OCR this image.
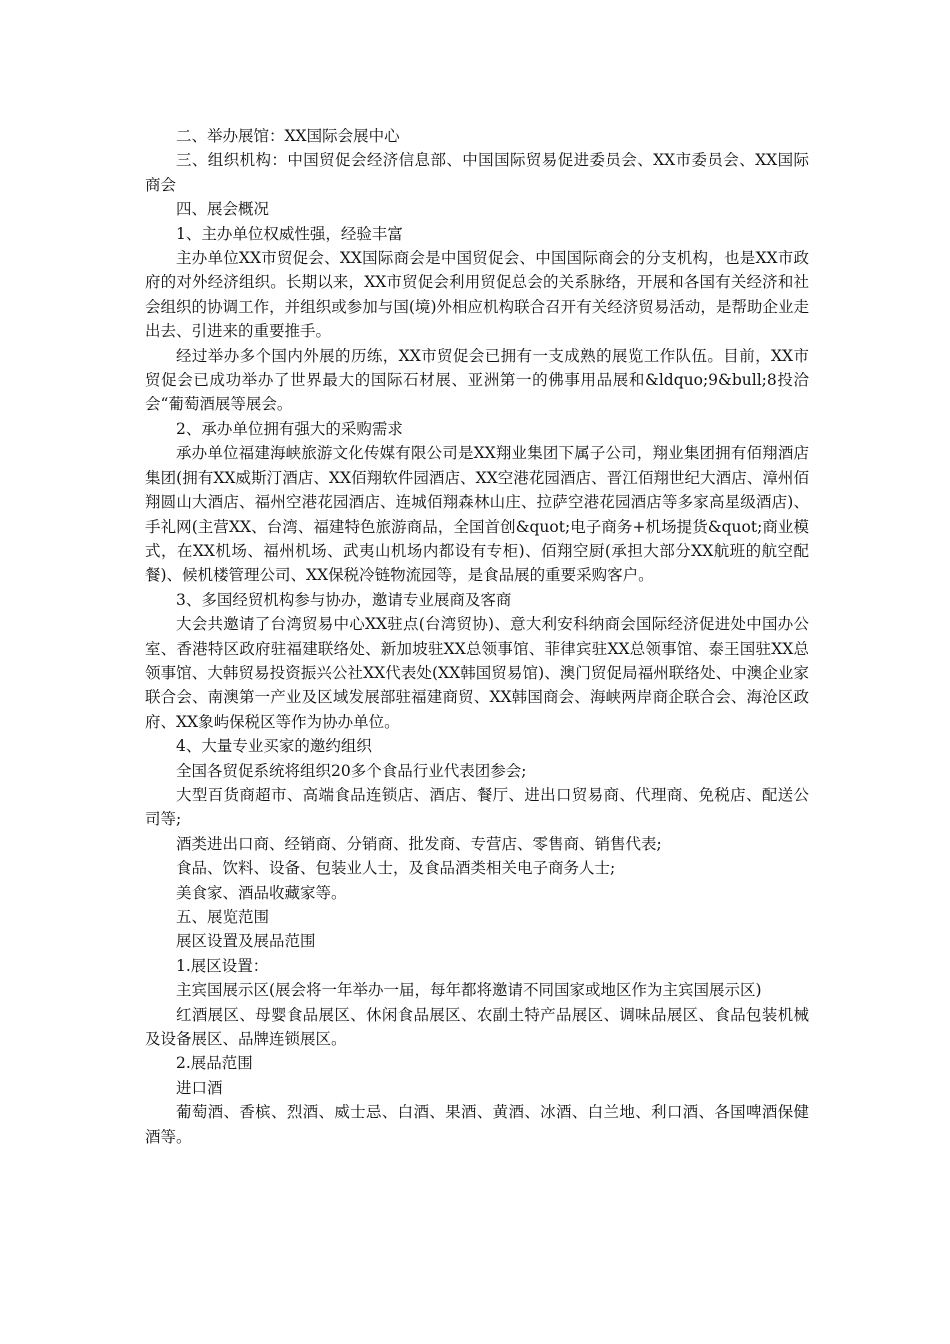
二、举办展馆：XX国际会展中心

三、组织机构：中国贸促会经济信息部、中国国际贸易促进委员会、XX市委员会、XX国际商会

四、展会概况

1、主办单位权威性强，经验丰富

主办单位XX市贸促会、XX国际商会是中国贸促会、中国国际商会的分支机构，也是XX市政府的对外经济组织。长期以来，XX市贸促会利用贸促总会的关系脉络，开展和各国有关经济和社会组织的协调工作，并组织或参加与国(境)外相应机构联合召开有关经济贸易活动，是帮助企业走出去、引进来的重要推手。

经过举办多个国内外展的历练，XX市贸促会已拥有一支成熟的展览工作队伍。目前，XX市贸促会已成功举办了世界最大的国际石材展、亚洲第一的佛事用品展和&ldquo;9&bull;8投洽会“葡萄酒展等展会。

2、承办单位拥有强大的采购需求

承办单位福建海峡旅游文化传媒有限公司是XX翔业集团下属子公司，翔业集团拥有佰翔酒店集团(拥有XX威斯汀酒店、XX佰翔软件园酒店、XX空港花园酒店、晋江佰翔世纪大酒店、漳州佰翔圆山大酒店、福州空港花园酒店、连城佰翔森林山庄、拉萨空港花园酒店等多家高星级酒店)、手礼网(主营XX、台湾、福建特色旅游商品，全国首创&quot;电子商务+机场提货&quot;商业模式，在XX机场、福州机场、武夷山机场内都设有专柜)、佰翔空厨(承担大部分XX航班的航空配餐)、候机楼管理公司、XX保税冷链物流园等，是食品展的重要采购客户。

3、多国经贸机构参与协办，邀请专业展商及客商

大会共邀请了台湾贸易中心XX驻点(台湾贸协)、意大利安科纳商会国际经济促进处中国办公室、香港特区政府驻福建联络处、新加坡驻XX总领事馆、菲律宾驻XX总领事馆、泰王国驻XX总领事馆、大韩贸易投资振兴公社XX代表处(XX韩国贸易馆)、澳门贸促局福州联络处、中澳企业家联合会、南澳第一产业及区域发展部驻福建商贸、XX韩国商会、海峡两岸商企联合会、海沧区政府、XX象屿保税区等作为协办单位。

4、大量专业买家的邀约组织

全国各贸促系统将组织20多个食品行业代表团参会;

大型百货商超市、高端食品连锁店、酒店、餐厅、进出口贸易商、代理商、免税店、配送公司等;

酒类进出口商、经销商、分销商、批发商、专营店、零售商、销售代表;

食品、饮料、设备、包装业人士，及食品酒类相关电子商务人士;

美食家、酒品收藏家等。

五、展览范围

展区设置及展品范围

1.展区设置：

主宾国展示区(展会将一年举办一届，每年都将邀请不同国家或地区作为主宾国展示区)

红酒展区、母婴食品展区、休闲食品展区、农副土特产品展区、调味品展区、食品包装机械及设备展区、品牌连锁展区。

2.展品范围

进口酒

葡萄酒、香槟、烈酒、威士忌、白酒、果酒、黄酒、冰酒、白兰地、利口酒、各国啤酒保健酒等。
